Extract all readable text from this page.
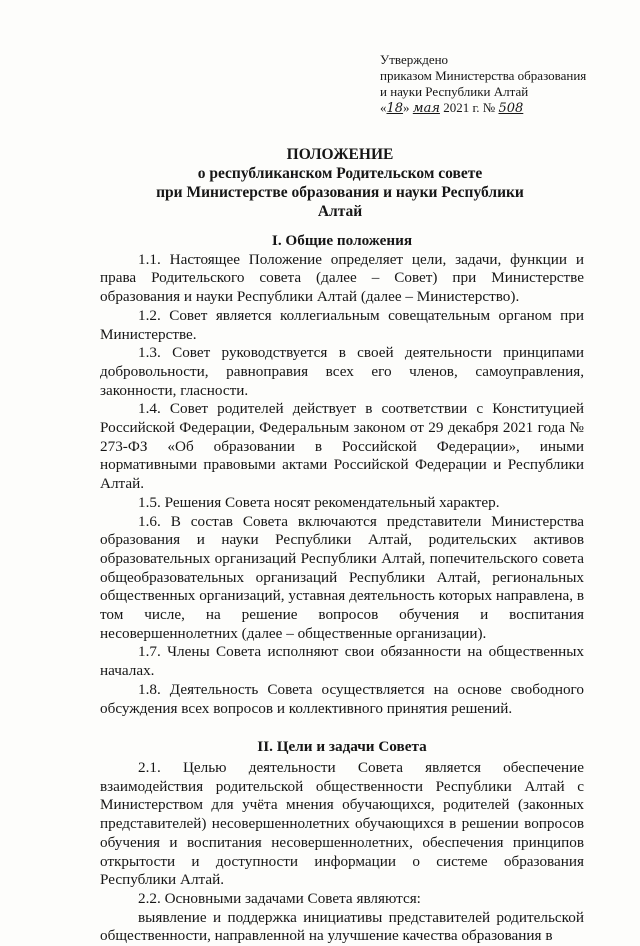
Утверждено
приказом Министерства образования
и науки Республики Алтай
«18» мая 2021 г. № 508
ПОЛОЖЕНИЕ
о республиканском Родительском совете
при Министерстве образования и науки Республики
Алтай
I. Общие положения

1.1. Настоящее Положение определяет цели, задачи, функции и права Родительского совета (далее – Совет) при Министерстве образования и науки Республики Алтай (далее – Министерство).

1.2. Совет является коллегиальным совещательным органом при Министерстве.

1.3. Совет руководствуется в своей деятельности принципами добровольности, равноправия всех его членов, самоуправления, законности, гласности.

1.4. Совет родителей действует в соответствии с Конституцией Российской Федерации, Федеральным законом от 29 декабря 2021 года № 273-ФЗ «Об образовании в Российской Федерации», иными нормативными правовыми актами Российской Федерации и Республики Алтай.

1.5. Решения Совета носят рекомендательный характер.

1.6. В состав Совета включаются представители Министерства образования и науки Республики Алтай, родительских активов образовательных организаций Республики Алтай, попечительского совета общеобразовательных организаций Республики Алтай, региональных общественных организаций, уставная деятельность которых направлена, в том числе, на решение вопросов обучения и воспитания несовершеннолетних (далее – общественные организации).

1.7. Члены Совета исполняют свои обязанности на общественных началах.

1.8. Деятельность Совета осуществляется на основе свободного обсуждения всех вопросов и коллективного принятия решений.

II. Цели и задачи Совета

2.1. Целью деятельности Совета является обеспечение взаимодействия родительской общественности Республики Алтай с Министерством для учёта мнения обучающихся, родителей (законных представителей) несовершеннолетних обучающихся в решении вопросов обучения и воспитания несовершеннолетних, обеспечения принципов открытости и доступности информации о системе образования Республики Алтай.

2.2. Основными задачами Совета являются:

выявление и поддержка инициативы представителей родительской общественности, направленной на улучшение качества образования в
